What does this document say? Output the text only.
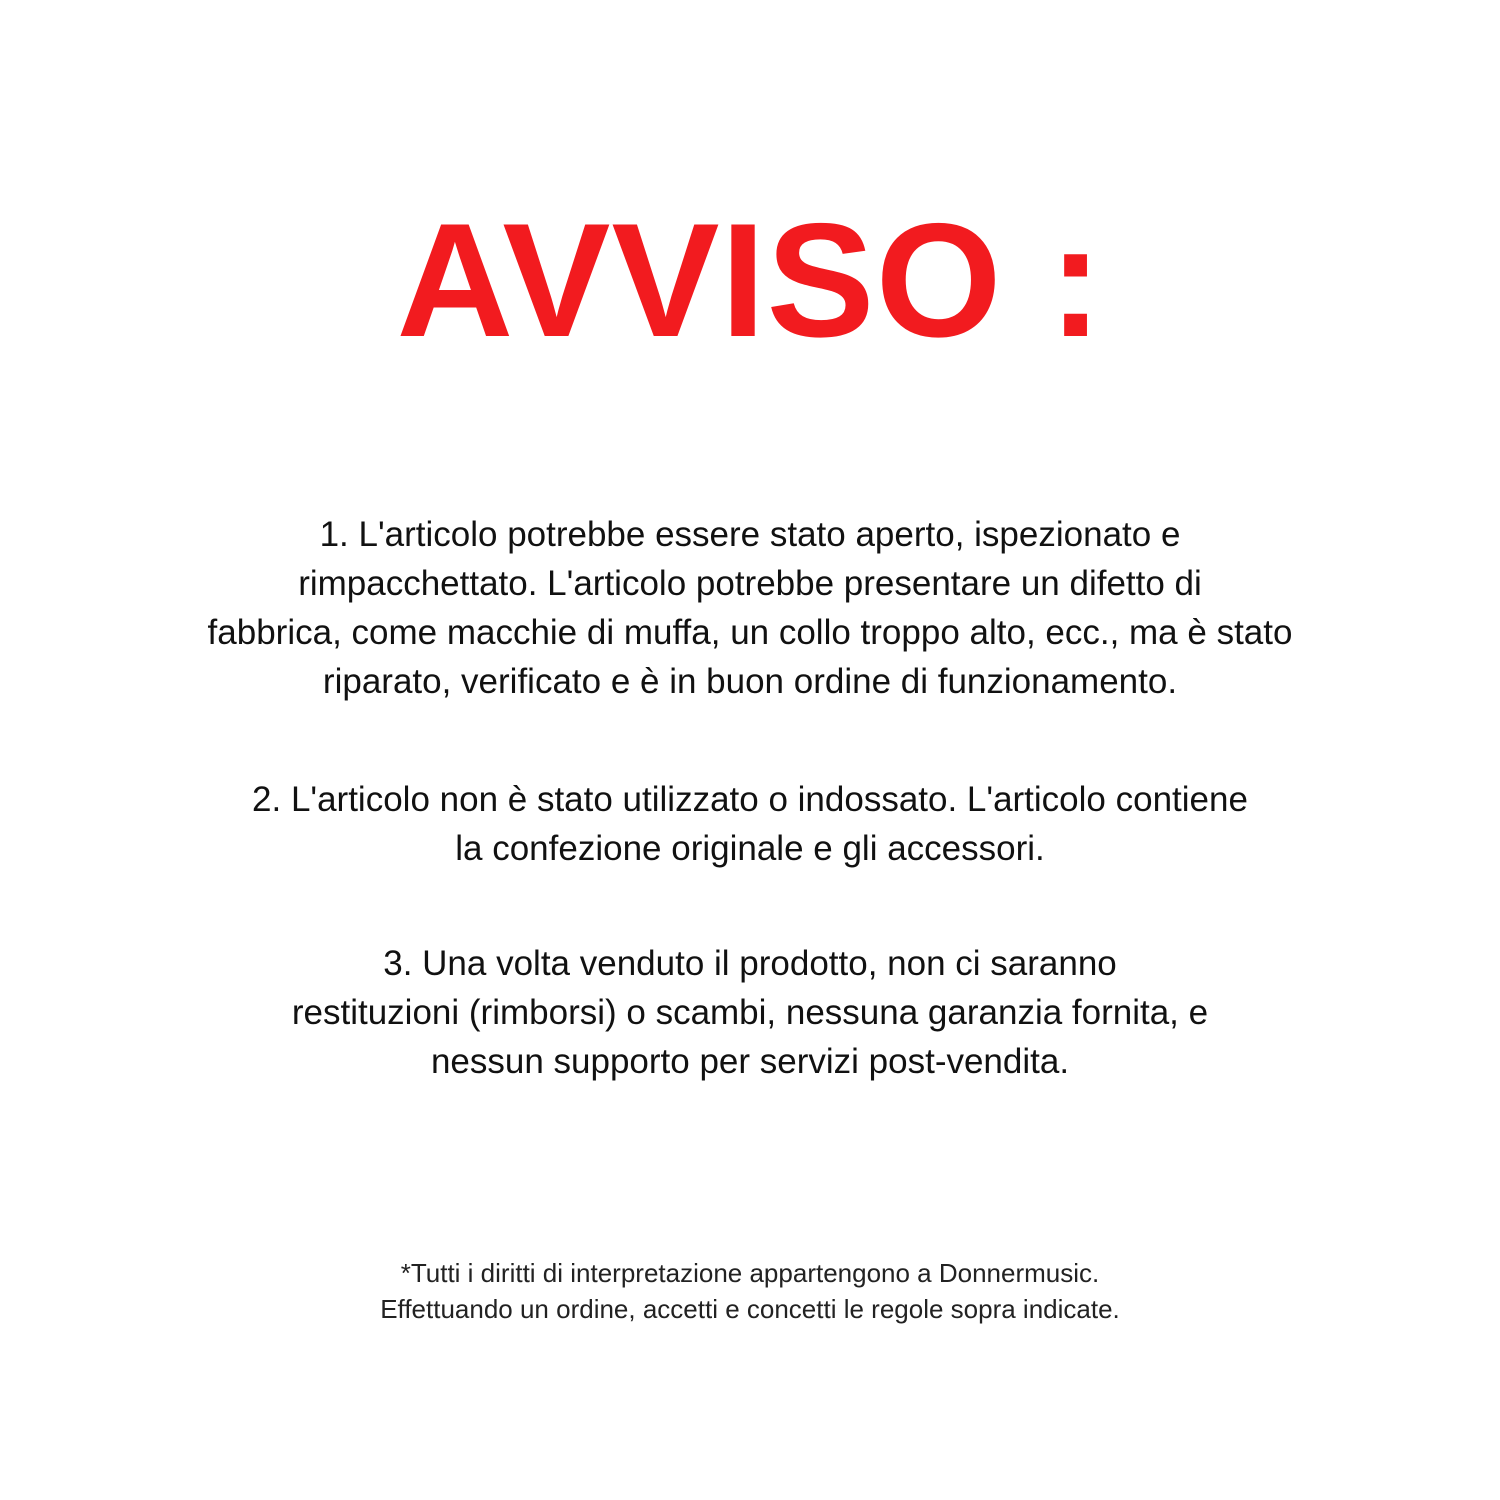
AVVISO :
1. L'articolo potrebbe essere stato aperto, ispezionato e
rimpacchettato. L'articolo potrebbe presentare un difetto di
fabbrica, come macchie di muffa, un collo troppo alto, ecc., ma è stato
riparato, verificato e è in buon ordine di funzionamento.
2. L'articolo non è stato utilizzato o indossato. L'articolo contiene
la confezione originale e gli accessori.
3. Una volta venduto il prodotto, non ci saranno
restituzioni (rimborsi) o scambi, nessuna garanzia fornita, e
nessun supporto per servizi post-vendita.
*Tutti i diritti di interpretazione appartengono a Donnermusic.
Effettuando un ordine, accetti e concetti le regole sopra indicate.
